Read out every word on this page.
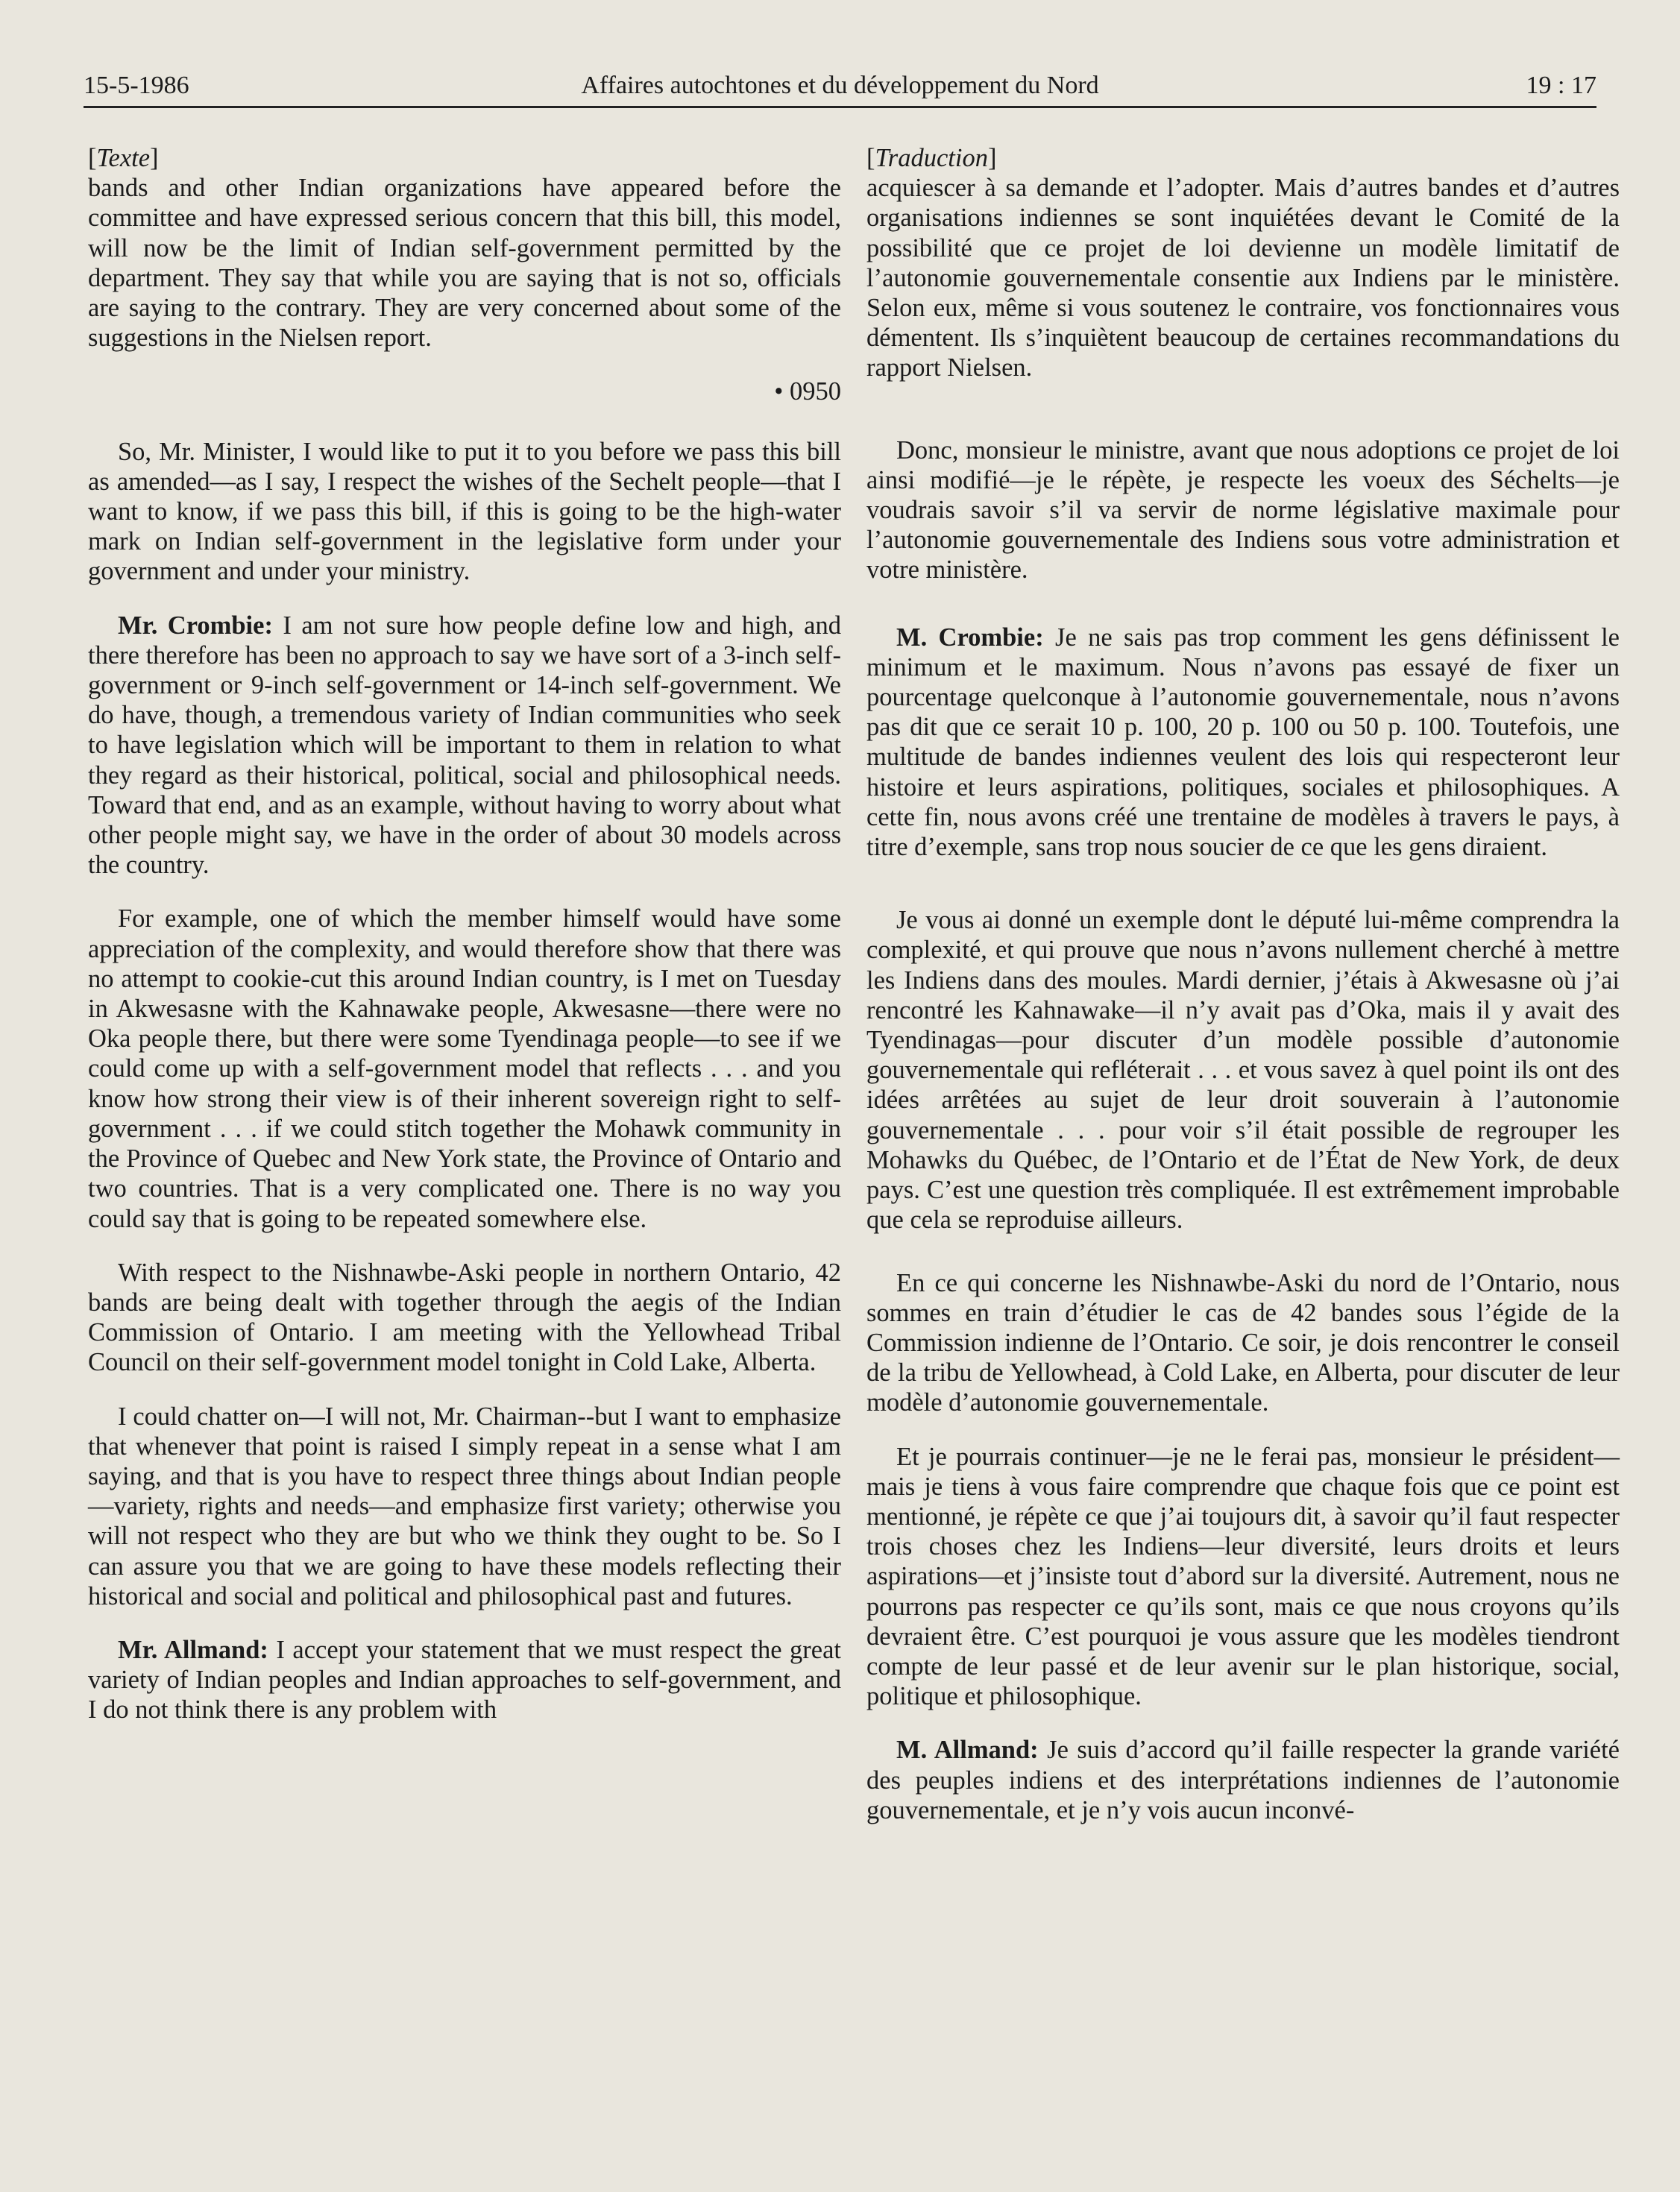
15-5-1986	Affaires autochtones et du développement du Nord	19 : 17

[Texte]

bands and other Indian organizations have appeared before the committee and have expressed serious concern that this bill, this model, will now be the limit of Indian self-government permitted by the department. They say that while you are saying that is not so, officials are saying to the contrary. They are very concerned about some of the suggestions in the Nielsen report.

• 0950

So, Mr. Minister, I would like to put it to you before we pass this bill as amended—as I say, I respect the wishes of the Sechelt people—that I want to know, if we pass this bill, if this is going to be the high-water mark on Indian self-government in the legislative form under your government and under your ministry.

Mr. Crombie: I am not sure how people define low and high, and there therefore has been no approach to say we have sort of a 3-inch self-government or 9-inch self-government or 14-inch self-government. We do have, though, a tremendous variety of Indian communities who seek to have legislation which will be important to them in relation to what they regard as their historical, political, social and philosophical needs. Toward that end, and as an example, without having to worry about what other people might say, we have in the order of about 30 models across the country.

For example, one of which the member himself would have some appreciation of the complexity, and would therefore show that there was no attempt to cookie-cut this around Indian country, is I met on Tuesday in Akwesasne with the Kahnawake people, Akwesasne—there were no Oka people there, but there were some Tyendinaga people—to see if we could come up with a self-government model that reflects . . . and you know how strong their view is of their inherent sovereign right to self-government . . . if we could stitch together the Mohawk community in the Province of Quebec and New York state, the Province of Ontario and two countries. That is a very complicated one. There is no way you could say that is going to be repeated somewhere else.

With respect to the Nishnawbe-Aski people in northern Ontario, 42 bands are being dealt with together through the aegis of the Indian Commission of Ontario. I am meeting with the Yellowhead Tribal Council on their self-government model tonight in Cold Lake, Alberta.

I could chatter on—I will not, Mr. Chairman--but I want to emphasize that whenever that point is raised I simply repeat in a sense what I am saying, and that is you have to respect three things about Indian people—variety, rights and needs—and emphasize first variety; otherwise you will not respect who they are but who we think they ought to be. So I can assure you that we are going to have these models reflecting their historical and social and political and philosophical past and futures.

Mr. Allmand: I accept your statement that we must respect the great variety of Indian peoples and Indian approaches to self-government, and I do not think there is any problem with

[Traduction]

acquiescer à sa demande et l’adopter. Mais d’autres bandes et d’autres organisations indiennes se sont inquiétées devant le Comité de la possibilité que ce projet de loi devienne un modèle limitatif de l’autonomie gouvernementale consentie aux Indiens par le ministère. Selon eux, même si vous soutenez le contraire, vos fonctionnaires vous démentent. Ils s’inquiètent beaucoup de certaines recommandations du rapport Nielsen.

Donc, monsieur le ministre, avant que nous adoptions ce projet de loi ainsi modifié—je le répète, je respecte les voeux des Séchelts—je voudrais savoir s’il va servir de norme législative maximale pour l’autonomie gouvernementale des Indiens sous votre administration et votre ministère.

M. Crombie: Je ne sais pas trop comment les gens définissent le minimum et le maximum. Nous n’avons pas essayé de fixer un pourcentage quelconque à l’autonomie gouvernementale, nous n’avons pas dit que ce serait 10 p. 100, 20 p. 100 ou 50 p. 100. Toutefois, une multitude de bandes indiennes veulent des lois qui respecteront leur histoire et leurs aspirations, politiques, sociales et philosophiques. A cette fin, nous avons créé une trentaine de modèles à travers le pays, à titre d’exemple, sans trop nous soucier de ce que les gens diraient.

Je vous ai donné un exemple dont le député lui-même comprendra la complexité, et qui prouve que nous n’avons nullement cherché à mettre les Indiens dans des moules. Mardi dernier, j’étais à Akwesasne où j’ai rencontré les Kahnawake—il n’y avait pas d’Oka, mais il y avait des Tyendinagas—pour discuter d’un modèle possible d’autonomie gouvernementale qui refléterait . . . et vous savez à quel point ils ont des idées arrêtées au sujet de leur droit souverain à l’autonomie gouvernementale . . . pour voir s’il était possible de regrouper les Mohawks du Québec, de l’Ontario et de l’État de New York, de deux pays. C’est une question très compliquée. Il est extrêmement improbable que cela se reproduise ailleurs.

En ce qui concerne les Nishnawbe-Aski du nord de l’Ontario, nous sommes en train d’étudier le cas de 42 bandes sous l’égide de la Commission indienne de l’Ontario. Ce soir, je dois rencontrer le conseil de la tribu de Yellowhead, à Cold Lake, en Alberta, pour discuter de leur modèle d’autonomie gouvernementale.

Et je pourrais continuer—je ne le ferai pas, monsieur le président—mais je tiens à vous faire comprendre que chaque fois que ce point est mentionné, je répète ce que j’ai toujours dit, à savoir qu’il faut respecter trois choses chez les Indiens—leur diversité, leurs droits et leurs aspirations—et j’insiste tout d’abord sur la diversité. Autrement, nous ne pourrons pas respecter ce qu’ils sont, mais ce que nous croyons qu’ils devraient être. C’est pourquoi je vous assure que les modèles tiendront compte de leur passé et de leur avenir sur le plan historique, social, politique et philosophique.

M. Allmand: Je suis d’accord qu’il faille respecter la grande variété des peuples indiens et des interprétations indiennes de l’autonomie gouvernementale, et je n’y vois aucun inconvé-
